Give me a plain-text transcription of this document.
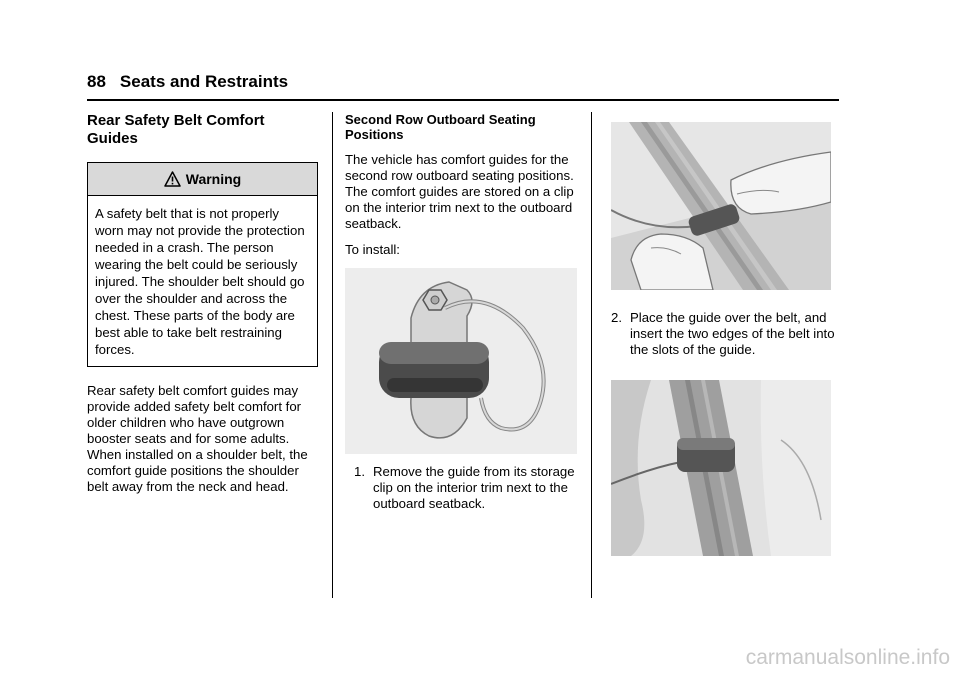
88 Seats and Restraints
Rear Safety Belt Comfort Guides
Warning
A safety belt that is not properly worn may not provide the protection needed in a crash. The person wearing the belt could be seriously injured. The shoulder belt should go over the shoulder and across the chest. These parts of the body are best able to take belt restraining forces.

Rear safety belt comfort guides may provide added safety belt comfort for older children who have outgrown booster seats and for some adults. When installed on a shoulder belt, the comfort guide positions the shoulder belt away from the neck and head.

Second Row Outboard Seating Positions

The vehicle has comfort guides for the second row outboard seating positions. The comfort guides are stored on a clip on the interior trim next to the outboard seatback.

To install:

1. Remove the guide from its storage clip on the interior trim next to the outboard seatback.
2. Place the guide over the belt, and insert the two edges of the belt into the slots of the guide.
carmanualsonline.info
